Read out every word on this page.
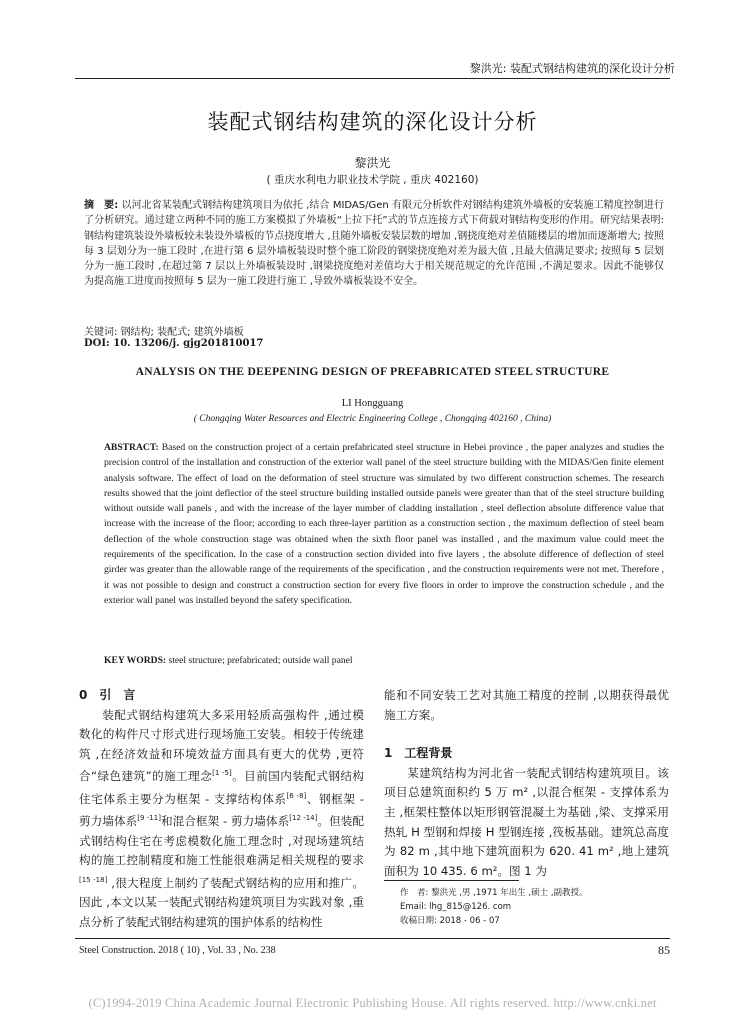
黎洪光: 装配式钢结构建筑的深化设计分析
装配式钢结构建筑的深化设计分析
黎洪光
( 重庆水利电力职业技术学院 , 重庆 402160)
摘　要: 以河北省某装配式钢结构建筑项目为依托 ,结合 MIDAS/Gen 有限元分析软件对钢结构建筑外墙板的安装施工精度控制进行了分析研究。通过建立两种不同的施工方案模拟了外墙板“上拉下托”式的节点连接方式下荷载对钢结构变形的作用。研究结果表明: 钢结构建筑装设外墙板较未装设外墙板的节点挠度增大 ,且随外墙板安装层数的增加 ,钢挠度绝对差值随楼层的增加而逐渐增大; 按照每 3 层划分为一施工段时 ,在进行第 6 层外墙板装设时整个施工阶段的钢梁挠度绝对差为最大值 ,且最大值满足要求; 按照每 5 层划分为一施工段时 ,在超过第 7 层以上外墙板装设时 ,钢梁挠度绝对差值均大于相关规范规定的允许范围 ,不满足要求。因此不能够仅为提高施工进度而按照每 5 层为一施工段进行施工 ,导致外墙板装设不安全。
关键词: 钢结构; 装配式; 建筑外墙板
DOI: 10. 13206/j. gjg201810017
ANALYSIS ON THE DEEPENING DESIGN OF PREFABRICATED STEEL STRUCTURE
LI Hongguang
( Chongqing Water Resources and Electric Engineering College , Chongqing 402160 , China)
ABSTRACT: Based on the construction project of a certain prefabricated steel structure in Hebei province , the paper analyzes and studies the precision control of the installation and construction of the exterior wall panel of the steel structure building with the MIDAS/Gen finite element analysis software. The effect of load on the deformation of steel structure was simulated by two different construction schemes. The research results showed that the joint deflectior of the steel structure building installed outside panels were greater than that of the steel structure building without outside wall panels , and with the increase of the layer number of cladding installation , steel deflection absolute difference value that increase with the increase of the floor; according to each three-layer partition as a construction section , the maximum deflection of steel beam deflection of the whole construction stage was obtained when the sixth floor panel was installed , and the maximum value could meet the requirements of the specification. In the case of a construction section divided into five layers , the absolute difference of deflection of steel girder was greater than the allowable range of the requirements of the specification , and the construction requirements were not met. Therefore , it was not possible to design and construct a construction section for every five floors in order to improve the construction schedule , and the exterior wall panel was installed beyond the safety specification.
KEY WORDS: steel structure; prefabricated; outside wall panel
0　引　言

装配式钢结构建筑大多采用轻质高强构件 ,通过模数化的构件尺寸形式进行现场施工安装。相较于传统建筑 ,在经济效益和环境效益方面具有更大的优势 ,更符合“绿色建筑”的施工理念[1 -5]。目前国内装配式钢结构住宅体系主要分为框架 - 支撑结构体系[6 -8]、钢框架 - 剪力墙体系[9 -11]和混合框架 - 剪力墙体系[12 -14]。但装配式钢结构住宅在考虑模数化施工理念时 ,对现场建筑结构的施工控制精度和施工性能很难满足相关规程的要求[15 -18] ,很大程度上制约了装配式钢结构的应用和推广。因此 ,本文以某一装配式钢结构建筑项目为实践对象 ,重点分析了装配式钢结构建筑的围护体系的结构性

能和不同安装工艺对其施工精度的控制 ,以期获得最优施工方案。

1　工程背景

某建筑结构为河北省一装配式钢结构建筑项目。该项目总建筑面积约 5 万 m² ,以混合框架 - 支撑体系为主 ,框架柱整体以矩形钢管混凝土为基础 ,梁、支撑采用热轧 H 型钢和焊接 H 型钢连接 ,筏板基础。建筑总高度为 82 m ,其中地下建筑面积为 620. 41 m² ,地上建筑面积为 10 435. 6 m²。图 1 为

作　者: 黎洪光 ,男 ,1971 年出生 ,硕士 ,副教授。
Email: lhg_815@126. com
收稿日期: 2018 - 06 - 07
Steel Construction. 2018 ( 10) , Vol. 33 , No. 238	85
(C)1994-2019 China Academic Journal Electronic Publishing House. All rights reserved. http://www.cnki.net
